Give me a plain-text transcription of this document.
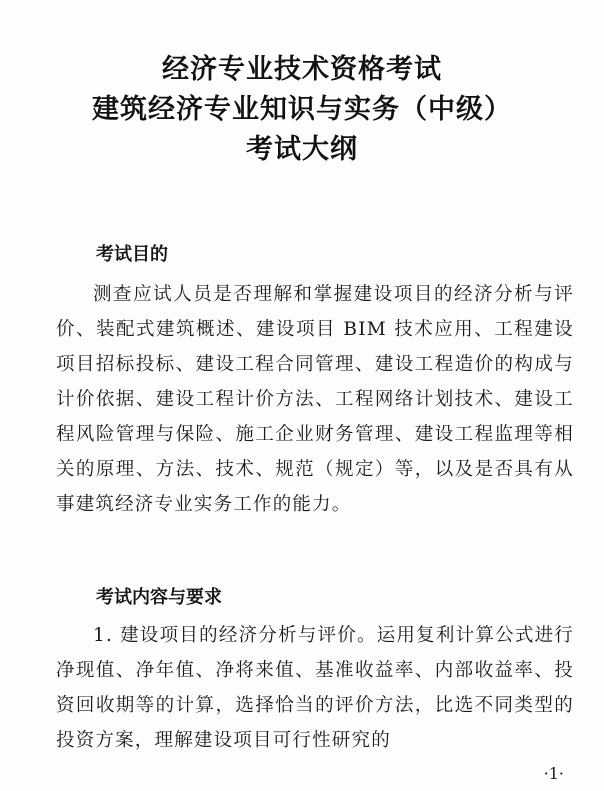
经济专业技术资格考试
建筑经济专业知识与实务（中级）
考试大纲
考试目的

测查应试人员是否理解和掌握建设项目的经济分析与评价、装配式建筑概述、建设项目 BIM 技术应用、工程建设项目招标投标、建设工程合同管理、建设工程造价的构成与计价依据、建设工程计价方法、工程网络计划技术、建设工程风险管理与保险、施工企业财务管理、建设工程监理等相关的原理、方法、技术、规范（规定）等，以及是否具有从事建筑经济专业实务工作的能力。

考试内容与要求

1. 建设项目的经济分析与评价。运用复利计算公式进行净现值、净年值、净将来值、基准收益率、内部收益率、投资回收期等的计算，选择恰当的评价方法，比选不同类型的投资方案，理解建设项目可行性研究的

·1·
